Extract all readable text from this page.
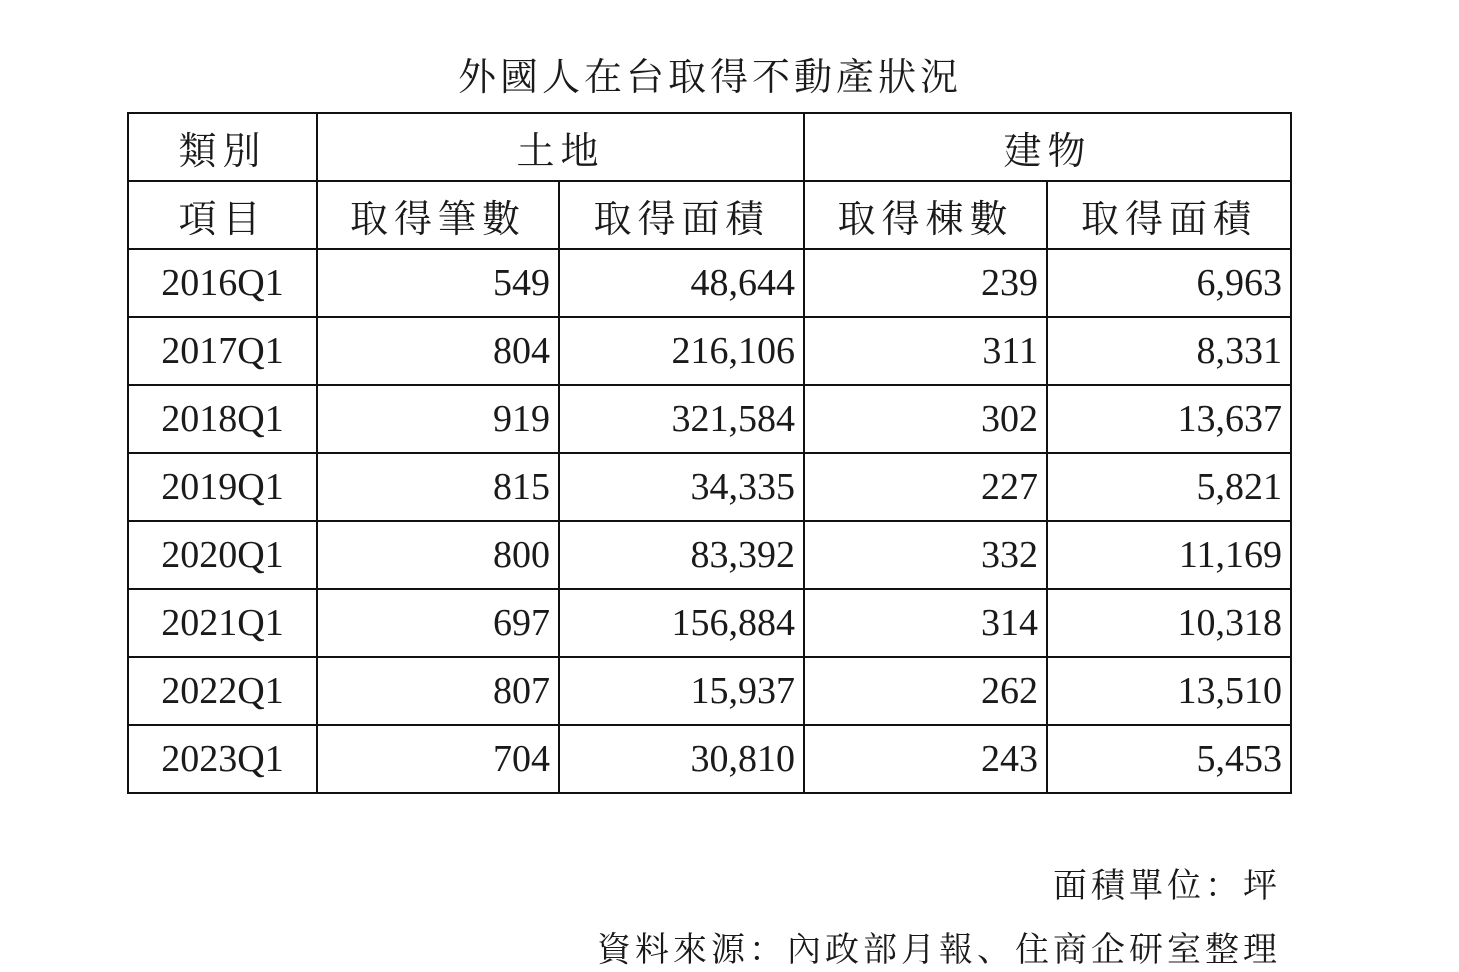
外國人在台取得不動產狀況
類別	土地		建物	
項目	取得筆數	取得面積	取得棟數	取得面積
2016Q1	549	48,644	239	6,963
2017Q1	804	216,106	311	8,331
2018Q1	919	321,584	302	13,637
2019Q1	815	34,335	227	5,821
2020Q1	800	83,392	332	11,169
2021Q1	697	156,884	314	10,318
2022Q1	807	15,937	262	13,510
2023Q1	704	30,810	243	5,453
面積單位：坪
資料來源：內政部月報、住商企研室整理
